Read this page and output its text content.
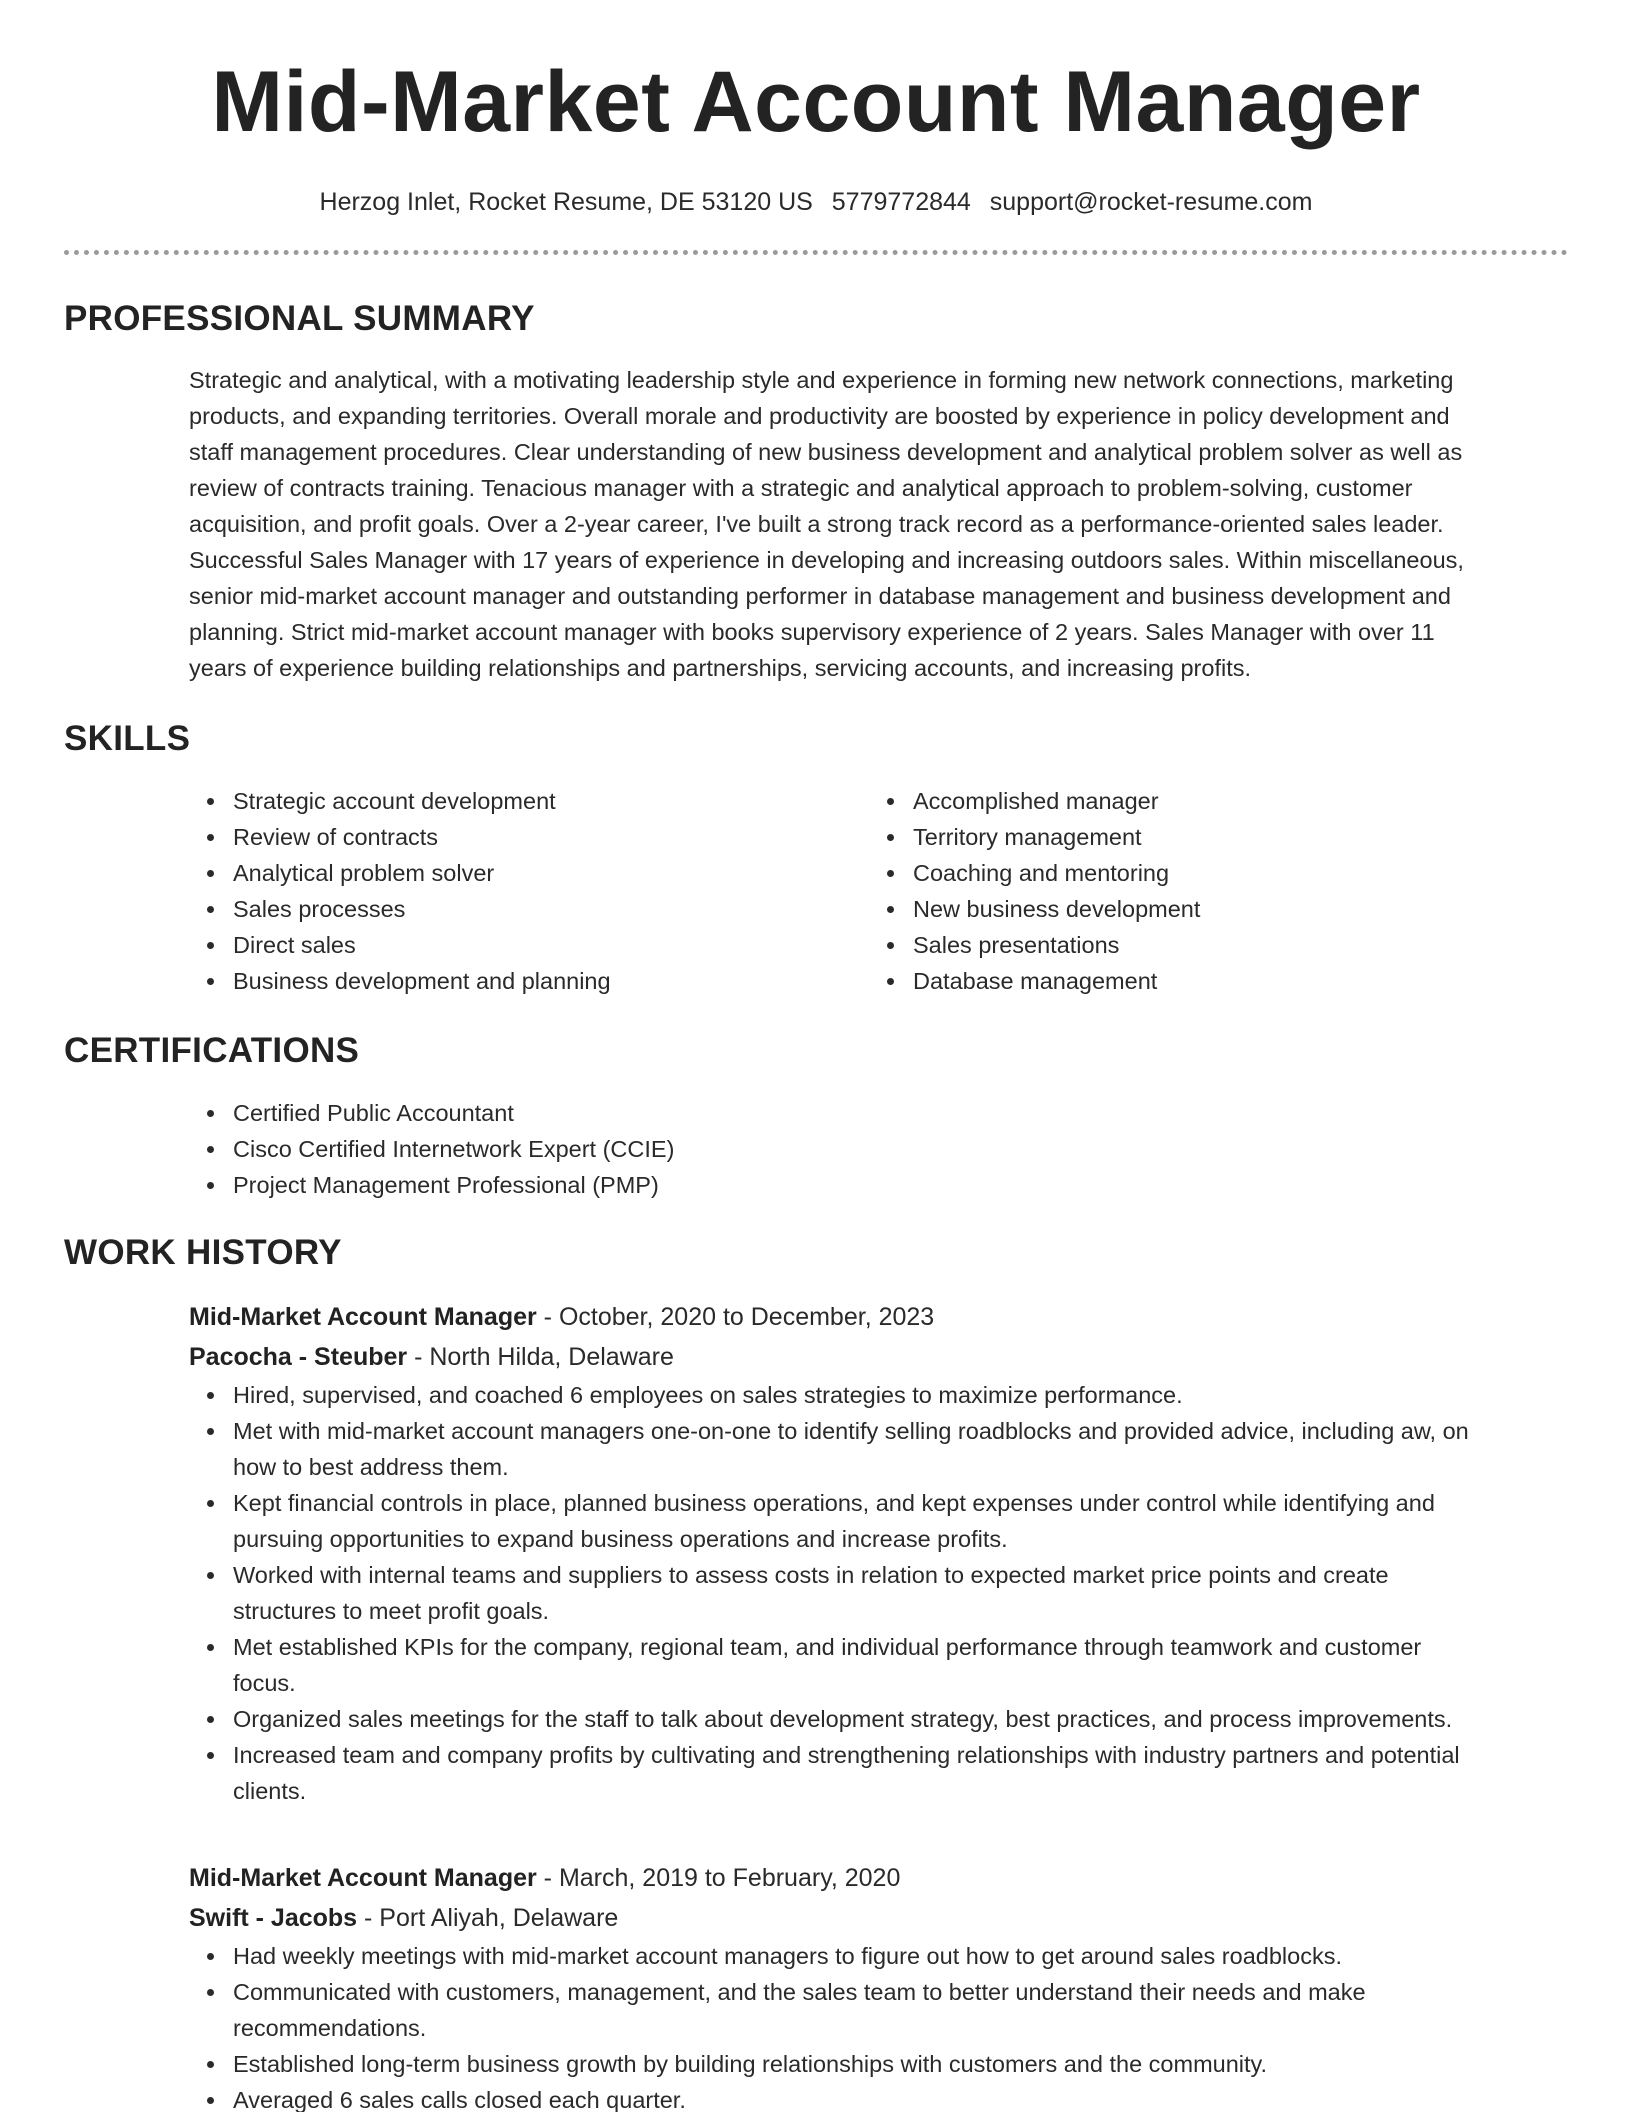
Mid-Market Account Manager
Herzog Inlet, Rocket Resume, DE 53120 US 5779772844 support@rocket-resume.com
PROFESSIONAL SUMMARY

Strategic and analytical, with a motivating leadership style and experience in forming new network connections, marketing

products, and expanding territories. Overall morale and productivity are boosted by experience in policy development and

staff management procedures. Clear understanding of new business development and analytical problem solver as well as

review of contracts training. Tenacious manager with a strategic and analytical approach to problem-solving, customer

acquisition, and profit goals. Over a 2-year career, I've built a strong track record as a performance-oriented sales leader.

Successful Sales Manager with 17 years of experience in developing and increasing outdoors sales. Within miscellaneous,

senior mid-market account manager and outstanding performer in database management and business development and

planning. Strict mid-market account manager with books supervisory experience of 2 years. Sales Manager with over 11

years of experience building relationships and partnerships, servicing accounts, and increasing profits.

SKILLS
Strategic account development
Review of contracts
Analytical problem solver
Sales processes
Direct sales
Business development and planning
Accomplished manager
Territory management
Coaching and mentoring
New business development
Sales presentations
Database management
CERTIFICATIONS
Certified Public Accountant
Cisco Certified Internetwork Expert (CCIE)
Project Management Professional (PMP)
WORK HISTORY
Mid-Market Account Manager - October, 2020 to December, 2023
Pacocha - Steuber - North Hilda, Delaware
Hired, supervised, and coached 6 employees on sales strategies to maximize performance.
Met with mid-market account managers one-on-one to identify selling roadblocks and provided advice, including aw, on
how to best address them.
Kept financial controls in place, planned business operations, and kept expenses under control while identifying and
pursuing opportunities to expand business operations and increase profits.
Worked with internal teams and suppliers to assess costs in relation to expected market price points and create
structures to meet profit goals.
Met established KPIs for the company, regional team, and individual performance through teamwork and customer
focus.
Organized sales meetings for the staff to talk about development strategy, best practices, and process improvements.
Increased team and company profits by cultivating and strengthening relationships with industry partners and potential
clients.
Mid-Market Account Manager - March, 2019 to February, 2020
Swift - Jacobs - Port Aliyah, Delaware
Had weekly meetings with mid-market account managers to figure out how to get around sales roadblocks.
Communicated with customers, management, and the sales team to better understand their needs and make
recommendations.
Established long-term business growth by building relationships with customers and the community.
Averaged 6 sales calls closed each quarter.
